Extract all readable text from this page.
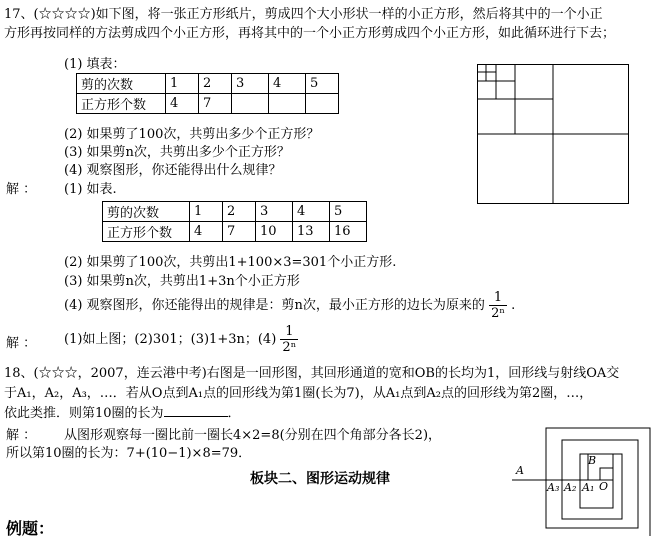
17、(☆☆☆☆)如下图，将一张正方形纸片，剪成四个大小形状一样的小正方形，然后将其中的一个小正
方形再按同样的方法剪成四个小正方形，再将其中的一个小正方形剪成四个小正方形，如此循环进行下去；
(1) 填表：
剪的次数	1	2	3	4	5
正方形个数	4	7			
(2) 如果剪了100次，共剪出多少个正方形？
(3) 如果剪n次，共剪出多少个正方形？
(4) 观察图形，你还能得出什么规律？
解 ： (1) 如表.
剪的次数	1	2	3	4	5
正方形个数	4	7	10	13	16
(2) 如果剪了100次，共剪出1+100×3=301个小正方形.
(3) 如果剪n次，共剪出1+3n个小正方形
(4) 观察图形，你还能得出的规律是：剪n次，最小正方形的边长为原来的 $\frac{1}{\text{2ⁿ}}$ .
解 ： (1)如上图；(2)301；(3)1+3n；$(4) \frac{1}{\text{2ⁿ}}$
18、(☆☆☆，2007，连云港中考)右图是一回形图，其回形通道的宽和OB的长均为1，回形线与射线OA交
于A₁，A₂，A₃，…．若从O点到A₁点的回形线为第1圈(长为7)，从A₁点到A₂点的回形线为第2圈，…，
依此类推．则第10圈的长为	．
解 ： 从图形观察每一圈比前一圈长4×2=8(分别在四个角部分各长2)，
所以第10圈的长为：7+(10−1)×8=79．
板块二、图形运动规律
例题：
A
B
O
A₁
A₂
A₃
